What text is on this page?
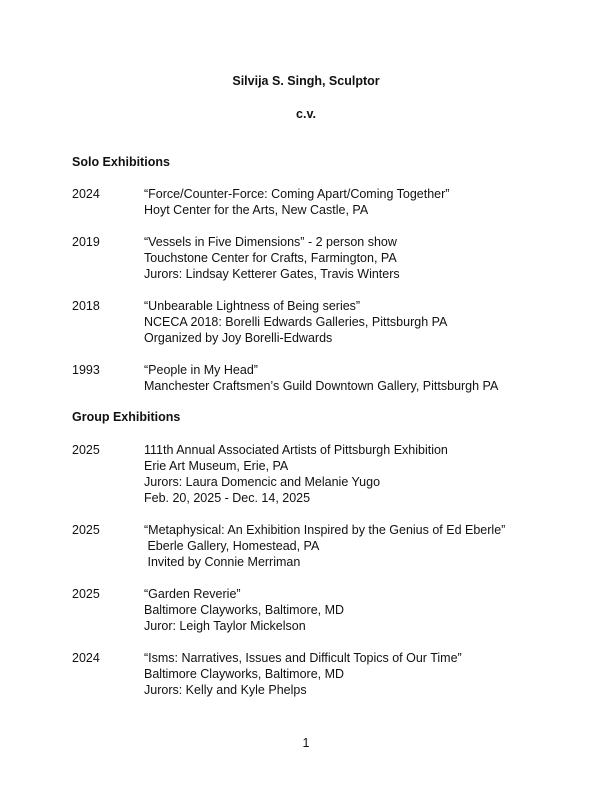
Silvija S. Singh, Sculptor
c.v.
Solo Exhibitions
2024	“Force/Counter-Force: Coming Apart/Coming Together”
Hoyt Center for the Arts, New Castle, PA
2019	“Vessels in Five Dimensions” - 2 person show
Touchstone Center for Crafts, Farmington, PA
Jurors: Lindsay Ketterer Gates, Travis Winters
2018	“Unbearable Lightness of Being series”
NCECA 2018: Borelli Edwards Galleries, Pittsburgh PA
Organized by Joy Borelli-Edwards
1993	“People in My Head”
Manchester Craftsmen’s Guild Downtown Gallery, Pittsburgh PA
Group Exhibitions
2025	111th Annual Associated Artists of Pittsburgh Exhibition
Erie Art Museum, Erie, PA
Jurors: Laura Domencic and Melanie Yugo
Feb. 20, 2025 - Dec. 14, 2025
2025	“Metaphysical: An Exhibition Inspired by the Genius of Ed Eberle”
Eberle Gallery, Homestead, PA
Invited by Connie Merriman
2025	“Garden Reverie”
Baltimore Clayworks, Baltimore, MD
Juror: Leigh Taylor Mickelson
2024	“Isms: Narratives, Issues and Difficult Topics of Our Time”
Baltimore Clayworks, Baltimore, MD
Jurors: Kelly and Kyle Phelps
1
